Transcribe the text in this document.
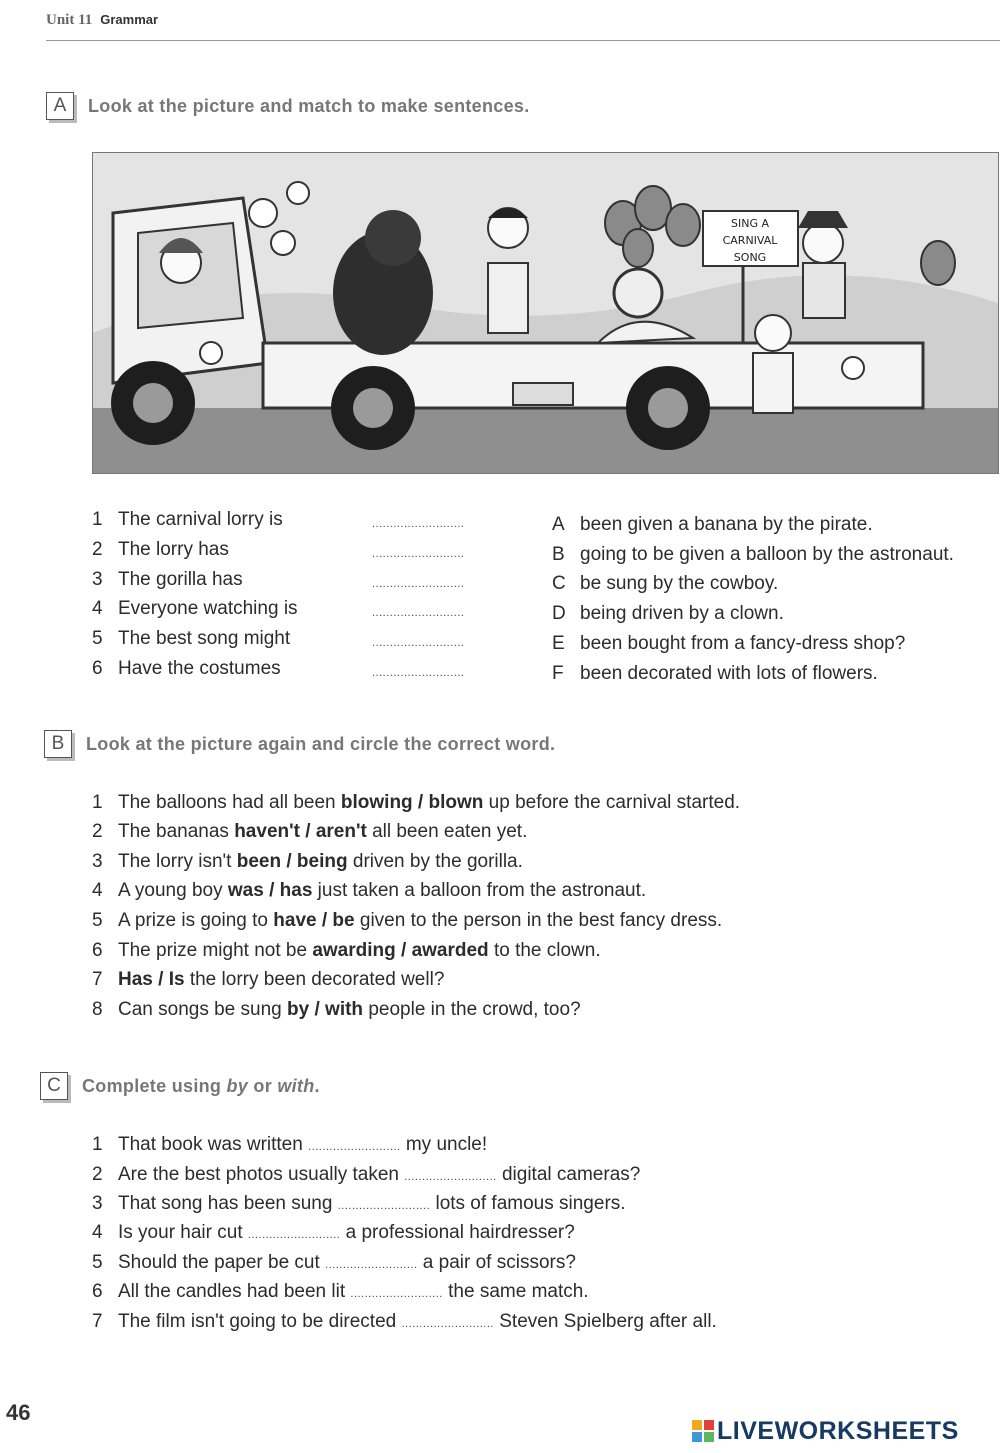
Unit 11 Grammar
A Look at the picture and match to make sentences.
SING A
CARNIVAL
SONG
1 The carnival lorry is
2 The lorry has
3 The gorilla has
4 Everyone watching is
5 The best song might
6 Have the costumes
..........................
..........................
..........................
..........................
..........................
..........................
A been given a banana by the pirate.
B going to be given a balloon by the astronaut.
C be sung by the cowboy.
D being driven by a clown.
E been bought from a fancy-dress shop?
F been decorated with lots of flowers.
B Look at the picture again and circle the correct word.
1 The balloons had all been blowing / blown up before the carnival started.
2 The bananas haven't / aren't all been eaten yet.
3 The lorry isn't been / being driven by the gorilla.
4 A young boy was / has just taken a balloon from the astronaut.
5 A prize is going to have / be given to the person in the best fancy dress.
6 The prize might not be awarding / awarded to the clown.
7 Has / Is the lorry been decorated well?
8 Can songs be sung by / with people in the crowd, too?
C Complete using by or with.
1 That book was written .......................... my uncle!
2 Are the best photos usually taken .......................... digital cameras?
3 That song has been sung .......................... lots of famous singers.
4 Is your hair cut .......................... a professional hairdresser?
5 Should the paper be cut .......................... a pair of scissors?
6 All the candles had been lit .......................... the same match.
7 The film isn't going to be directed .......................... Steven Spielberg after all.
46
LIVEWORKSHEETS
